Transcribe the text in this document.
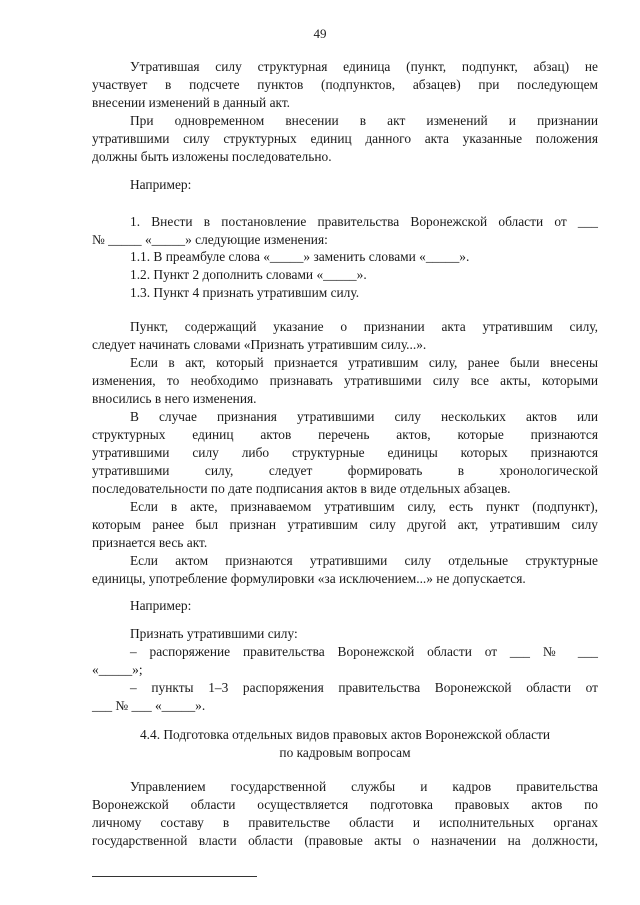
49

Утратившая силу структурная единица (пункт, подпункт, абзац) не

участвует в подсчете пунктов (подпунктов, абзацев) при последующем

внесении изменений в данный акт.

При одновременном внесении в акт изменений и признании

утратившими силу структурных единиц данного акта указанные положения

должны быть изложены последовательно.

Например:

1. Внести в постановление правительства Воронежской области от ___

№ _____ «_____» следующие изменения:

1.1. В преамбуле слова «_____» заменить словами «_____».

1.2. Пункт 2 дополнить словами «_____».

1.3. Пункт 4 признать утратившим силу.

Пункт, содержащий указание о признании акта утратившим силу,

следует начинать словами «Признать утратившим силу...».

Если в акт, который признается утратившим силу, ранее были внесены

изменения, то необходимо признавать утратившими силу все акты, которыми

вносились в него изменения.

В случае признания утратившими силу нескольких актов или

структурных единиц актов перечень актов, которые признаются

утратившими силу либо структурные единицы которых признаются

утратившими силу, следует формировать в хронологической

последовательности по дате подписания актов в виде отдельных абзацев.

Если в акте, признаваемом утратившим силу, есть пункт (подпункт),

которым ранее был признан утратившим силу другой акт, утратившим силу

признается весь акт.

Если актом признаются утратившими силу отдельные структурные

единицы, употребление формулировки «за исключением...» не допускается.

Например:

Признать утратившими силу:

– распоряжение правительства Воронежской области от ___ № ___

«_____»;

– пункты 1–3 распоряжения правительства Воронежской области от

___ № ___ «_____».

4.4. Подготовка отдельных видов правовых актов Воронежской области

по кадровым вопросам

Управлением государственной службы и кадров правительства

Воронежской области осуществляется подготовка правовых актов по

личному составу в правительстве области и исполнительных органах

государственной власти области (правовые акты о назначении на должности,
